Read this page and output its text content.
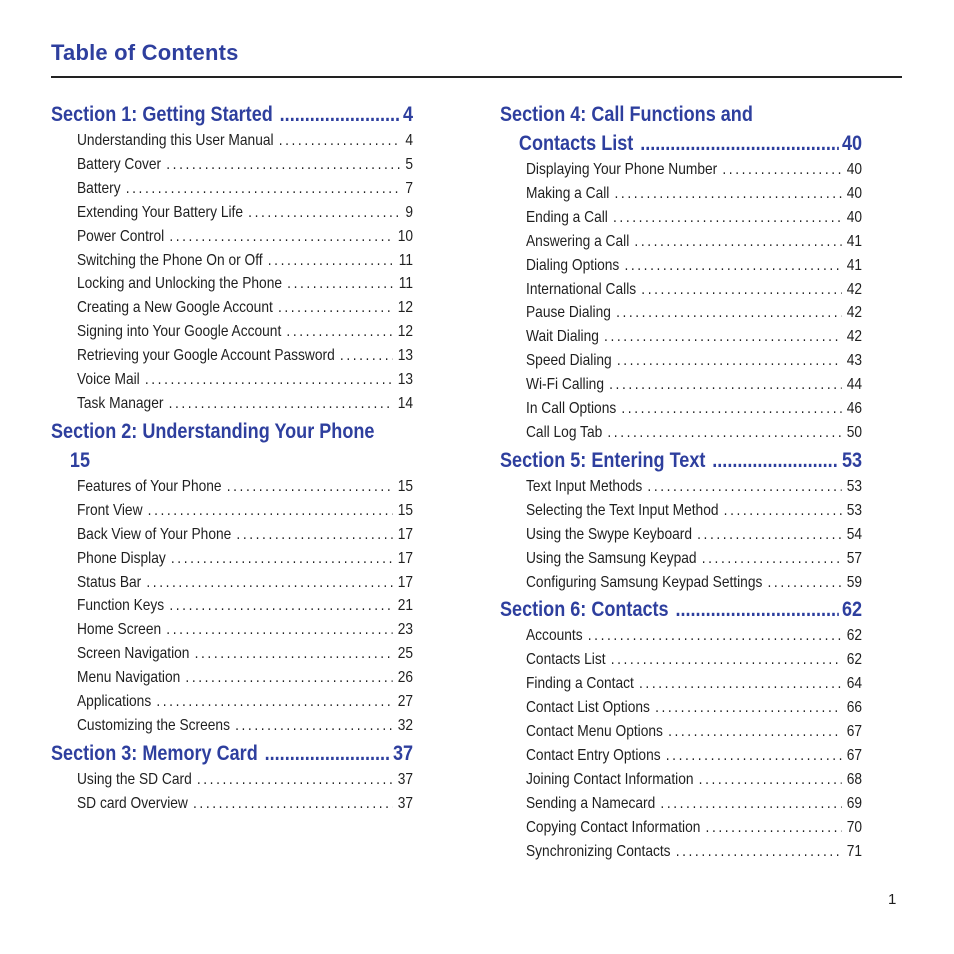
Table of Contents
Section 1: Getting Started .....	4
Understanding this User Manual .....	4
Battery Cover .....	5
Battery .....	7
Extending Your Battery Life .....	9
Power Control .....	10
Switching the Phone On or Off .....	11
Locking and Unlocking the Phone .....	11
Creating a New Google Account .....	12
Signing into Your Google Account .....	12
Retrieving your Google Account Password .....	13
Voice Mail .....	13
Task Manager .....	14
Section 2: Understanding Your Phone
15
Features of Your Phone .....	15
Front View .....	15
Back View of Your Phone .....	17
Phone Display .....	17
Status Bar .....	17
Function Keys .....	21
Home Screen .....	23
Screen Navigation .....	25
Menu Navigation .....	26
Applications .....	27
Customizing the Screens .....	32
Section 3: Memory Card .....	37
Using the SD Card .....	37
SD card Overview .....	37
Section 4: Call Functions and
Contacts List .....	40
Displaying Your Phone Number .....	40
Making a Call .....	40
Ending a Call .....	40
Answering a Call .....	41
Dialing Options .....	41
International Calls .....	42
Pause Dialing .....	42
Wait Dialing .....	42
Speed Dialing .....	43
Wi-Fi Calling .....	44
In Call Options .....	46
Call Log Tab .....	50
Section 5: Entering Text .....	53
Text Input Methods .....	53
Selecting the Text Input Method .....	53
Using the Swype Keyboard .....	54
Using the Samsung Keypad .....	57
Configuring Samsung Keypad Settings .....	59
Section 6: Contacts .....	62
Accounts .....	62
Contacts List .....	62
Finding a Contact .....	64
Contact List Options .....	66
Contact Menu Options .....	67
Contact Entry Options .....	67
Joining Contact Information .....	68
Sending a Namecard .....	69
Copying Contact Information .....	70
Synchronizing Contacts .....	71
1
